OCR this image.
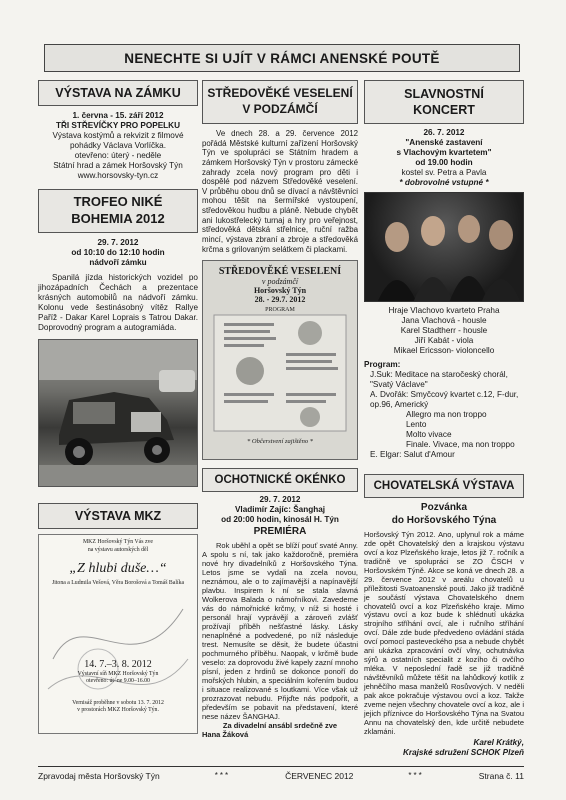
NENECHTE SI UJÍT V RÁMCI ANENSKÉ POUTĚ
VÝSTAVA NA ZÁMKU
1. června - 15. září 2012
TŘI STŘEVÍČKY PRO POPELKU
Výstava kostýmů a rekvizit z filmové
pohádky Václava Vorlíčka.
otevřeno: úterý - neděle
Státní hrad a zámek Horšovský Týn
www.horsovsky-tyn.cz
TROFEO NIKÉ
BOHEMIA 2012
29. 7. 2012
od 10:10 do 12:10 hodin
nádvoří zámku
Spanilá jízda historických vozidel po jihozápadních Čechách a prezentace krásných automobilů na nádvoří zámku. Kolonu vede šestinásobný vítěz Rallye Paříž - Dakar Karel Loprais s Tatrou Dakar. Doprovodný program a autogramiáda.
VÝSTAVA MKZ
MKZ Horšovský Týn Vás zve
na výstavu autorských děl
„Z hlubi duše…“
Jitona a Ludmila Vešová, Věra Borošová a Tomáš Balíka
14. 7.–3. 8. 2012
Výstavní síň MKZ Horšovský Týn
otevřeno: út–ne 9.00–16.00
Vernisáž proběhne v sobotu 13. 7. 2012
v prostorách MKZ Horšovský Týn.
STŘEDOVĚKÉ VESELENÍ
V PODZÁMČÍ
Ve dnech 28. a 29. července 2012 pořádá Městské kulturní zařízení Horšovský Týn ve spolupráci se Státním hradem a zámkem Horšovský Týn v prostoru zámecké zahrady zcela nový program pro děti i dospělé pod názvem Středověké veselení. V průběhu obou dnů se dívací a návštěvníci mohou těšit na šermířské vystoupení, středověkou hudbu a pláně. Nebude chybět ani lukostřelecký turnaj a hry pro veřejnost, středověká dětská střelnice, ruční ražba mincí, výstava zbraní a zbroje a středověká krčma s grilovaným selátkem či plackami.
STŘEDOVĚKÉ VESELENÍ
v podzámčí
Horšovský Týn
28. - 29.7. 2012
PROGRAM
* Občerstvení zajištěno *
OCHOTNICKÉ OKÉNKO
29. 7. 2012
Vladimír Zajíc: Šanghaj
od 20:00 hodin, kinosál H. Týn
PREMIÉRA
Rok uběhl a opět se blíží pouť svaté Anny. A spolu s ní, tak jako každoročně, premiéra nové hry divadelníků z Horšovského Týna. Letos jsme se vydali na zcela novou, neznámou, ale o to zajímavější a napínavější plavbu. Inspirem k ní se stala slavná Wolkerova Balada o námořníkovi. Zavedeme vás do námořnické krčmy, v níž si hosté i personál hrají vyprávějí a zároveň zvlášť prožívají příběh nešťastné lásky. Lásky nenaplněné a podvedené, po níž následuje trest. Nemusíte se děsit, že budete účastni pochmurného příběhu. Naopak, v krčmě bude veselo: za doprovodu živé kapely zazní mnoho písní, jeden z hrdinů se dokonce ponoří do mořských hlubin, a speciálním kořením budou i situace realizované s loutkami. Více však už prozrazovat nebudu. Přijďte nás podpořit, a především se pobavit na představení, které nese název ŠANGHAJ.
Za divadelní ansábl srdečně zve
Hana Žáková
SLAVNOSTNÍ
KONCERT
26. 7. 2012
"Anenské zastavení
s Vlachovým kvartetem"
od 19.00 hodin
kostel sv. Petra a Pavla
* dobrovolné vstupné *
Hraje Vlachovo kvarteto Praha
Jana Vlachová - housle
Karel Stadtherr - housle
Jiří Kabát - viola
Mikael Ericsson- violoncello
Program:
J.Suk: Meditace na staročeský chorál, "Svatý Václave"
A. Dvořák: Smyčcový kvartet c.12, F-dur, op.96, Americký
Allegro ma non troppo
Lento
Molto vivace
Finale. Vivace, ma non troppo
E. Elgar: Salut d'Amour
CHOVATELSKÁ VÝSTAVA
Pozvánka
do Horšovského Týna
Horšovský Týn 2012. Ano, uplynul rok a máme zde opět Chovatelský den a krajskou výstavu ovcí a koz Plzeňského kraje, letos již 7. ročník a tradičně ve spolupráci se ZO ČSCH v Horšovském Týně. Akce se koná ve dnech 28. a 29. července 2012 v areálu chovatelů u příležitosti Svatoanenské pouti. Jako již tradičně je součástí výstava Chovatelského dnem chovatelů ovcí a koz Plzeňského kraje. Mimo výstavu ovcí a koz bude k shlédnutí ukázka strojního stříhání ovcí, ale i ručního stříhání ovcí. Dále zde bude předvedeno ovládání stáda ovcí pomocí pasteveckého psa a nebude chybět ani ukázka zpracování ovčí vlny, ochutnávka sýrů a ostatních specialit z kozího či ovčího mléka. V neposlední řadě se již tradičně návštěvníků můžete těšit na lahůdkový kotlík z jehněčího masa manželů Rosůvových. V neděli pak akce pokračuje výstavou ovcí a koz. Takže zveme nejen všechny chovatele ovcí a koz, ale i jejich příznivce do Horšovského Týna na Svatou Annu na chovatelský den, kde určitě nebudete zklamáni.
Karel Krátký,
Krajské sdružení SCHOK Plzeň
Zpravodaj města Horšovský Týn	***	ČERVENEC 2012	***	Strana č. 11
